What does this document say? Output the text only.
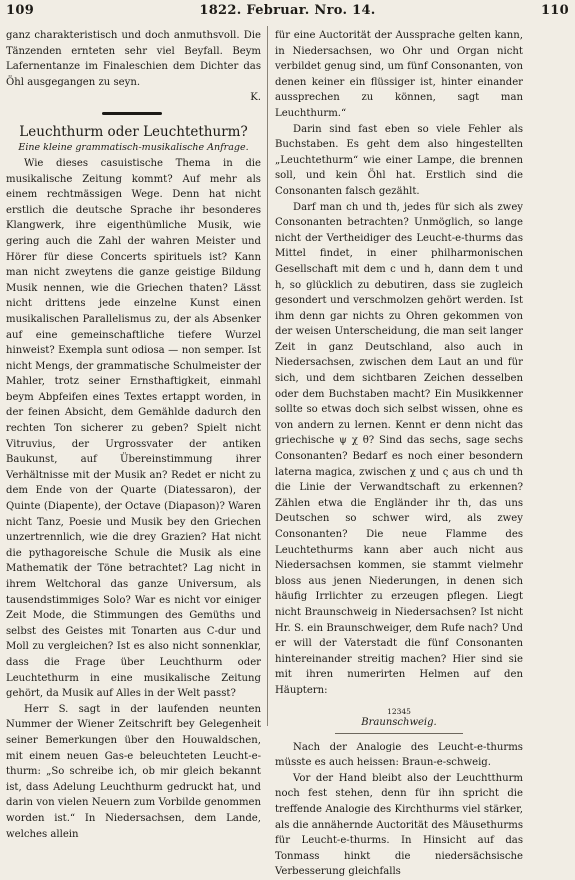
109	1822. Februar. Nro. 14.	110

ganz charakteristisch und doch anmuthsvoll. Die Tänzenden ernteten sehr viel Beyfall. Beym Lafernentanze im Finaleschien dem Dichter das Öhl ausgegangen zu seyn.

K.

Leuchthurm oder Leuchtethurm?

Eine kleine grammatisch-musikalische Anfrage.

Wie dieses casuistische Thema in die musikalische Zeitung kommt? Auf mehr als einem rechtmässigen Wege. Denn hat nicht erstlich die deutsche Sprache ihr besonderes Klangwerk, ihre eigenthümliche Musik, wie gering auch die Zahl der wahren Meister und Hörer für diese Concerts spirituels ist? Kann man nicht zweytens die ganze geistige Bildung Musik nennen, wie die Griechen thaten? Lässt nicht drittens jede einzelne Kunst einen musikalischen Parallelismus zu, der als Absenker auf eine gemeinschaftliche tiefere Wurzel hinweist? Exempla sunt odiosa — non semper. Ist nicht Mengs, der grammatische Schulmeister der Mahler, trotz seiner Ernsthaftigkeit, einmahl beym Abpfeifen eines Textes ertappt worden, in der feinen Absicht, dem Gemählde dadurch den rechten Ton sicherer zu geben? Spielt nicht Vitruvius, der Urgrossvater der antiken Baukunst, auf Übereinstimmung ihrer Verhältnisse mit der Musik an? Redet er nicht zu dem Ende von der Quarte (Diatessaron), der Quinte (Diapente), der Octave (Diapason)? Waren nicht Tanz, Poesie und Musik bey den Griechen unzertrennlich, wie die drey Grazien? Hat nicht die pythagoreische Schule die Musik als eine Mathematik der Töne betrachtet? Lag nicht in ihrem Weltchoral das ganze Universum, als tausendstimmiges Solo? War es nicht vor einiger Zeit Mode, die Stimmungen des Gemüths und selbst des Geistes mit Tonarten aus C-dur und Moll zu vergleichen? Ist es also nicht sonnenklar, dass die Frage über Leuchthurm oder Leuchtethurm in eine musikalische Zeitung gehört, da Musik auf Alles in der Welt passt?

Herr S. sagt in der laufenden neunten Nummer der Wiener Zeitschrift bey Gelegenheit seiner Bemerkungen über den Houwaldschen, mit einem neuen Gas-e beleuchteten Leucht-e-thurm: „So schreibe ich, ob mir gleich bekannt ist, dass Adelung Leuchthurm gedruckt hat, und darin von vielen Neuern zum Vorbilde genommen worden ist.“ In Niedersachsen, dem Lande, welches allein

für eine Auctorität der Aussprache gelten kann, in Niedersachsen, wo Ohr und Organ nicht verbildet genug sind, um fünf Consonanten, von denen keiner ein flüssiger ist, hinter einander aussprechen zu können, sagt man Leuchthurm.“

Darin sind fast eben so viele Fehler als Buchstaben. Es geht dem also hingestellten „Leuchtethurm“ wie einer Lampe, die brennen soll, und kein Öhl hat. Erstlich sind die Consonanten falsch gezählt.

Darf man ch und th, jedes für sich als zwey Consonanten betrachten? Unmöglich, so lange nicht der Vertheidiger des Leucht-e-thurms das Mittel findet, in einer philharmonischen Gesellschaft mit dem c und h, dann dem t und h, so glücklich zu debutiren, dass sie zugleich gesondert und verschmolzen gehört werden. Ist ihm denn gar nichts zu Ohren gekommen von der weisen Unterscheidung, die man seit langer Zeit in ganz Deutschland, also auch in Niedersachsen, zwischen dem Laut an und für sich, und dem sichtbaren Zeichen desselben oder dem Buchstaben macht? Ein Musikkenner sollte so etwas doch sich selbst wissen, ohne es von andern zu lernen. Kennt er denn nicht das griechische ψ χ θ? Sind das sechs, sage sechs Consonanten? Bedarf es noch einer besondern laterna magica, zwischen χ und ς aus ch und th die Linie der Verwandtschaft zu erkennen? Zählen etwa die Engländer ihr th, das uns Deutschen so schwer wird, als zwey Consonanten? Die neue Flamme des Leuchtethurms kann aber auch nicht aus Niedersachsen kommen, sie stammt vielmehr bloss aus jenen Niederungen, in denen sich häufig Irrlichter zu erzeugen pflegen. Liegt nicht Braunschweig in Niedersachsen? Ist nicht Hr. S. ein Braunschweiger, dem Rufe nach? Und er will der Vaterstadt die fünf Consonanten hintereinander streitig machen? Hier sind sie mit ihren numerirten Helmen auf den Häuptern:

12345

Braunschweig.

Nach der Analogie des Leucht-e-thurms müsste es auch heissen: Braun-e-schweig.

Vor der Hand bleibt also der Leuchtthurm noch fest stehen, denn für ihn spricht die treffende Analogie des Kirchthurms viel stärker, als die annähernde Auctorität des Mäusethurms für Leucht-e-thurms. In Hinsicht auf das Tonmass hinkt die niedersächsische Verbesserung gleichfalls
